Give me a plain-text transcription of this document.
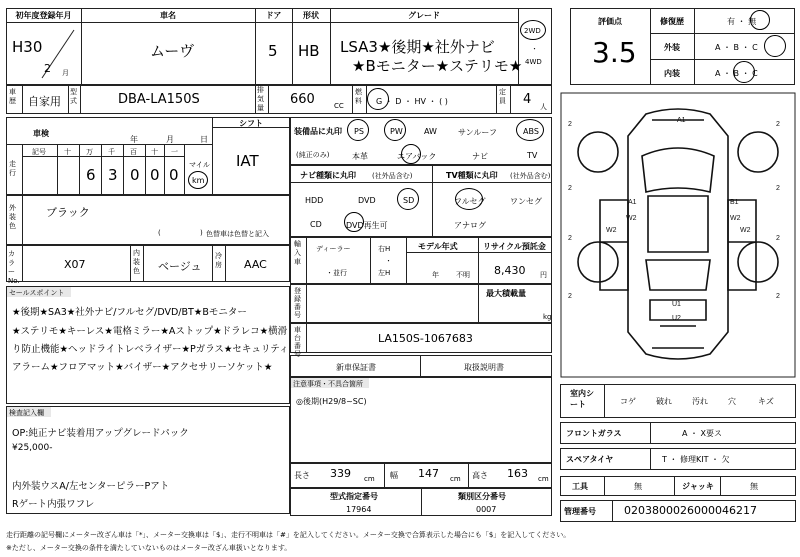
初年度登録年月	車名	ドア	形状	グレード
H30
2 月
ムーヴ	5 HB LSA3★後期★社外ナビ
★Bモニター★ステリモ★
2WD
・
4WD
評価点
3.5
修復歴	有 ・ 無
外装	A ・ B ・ C
内装	A ・ B ・ C
車歴 自家用
型式	DBA-LA150S
排気量
660	CC
燃料	G ・ D ・ HV ・ ( )
定員 4 人
車検
年	月	日
シフト
IAT
走行
記号	十 万 千 百 十 一
6 3 0 0 0
マイル
km
外装色
ブラック
(	) 色替車は色替と記入
カラーNo.
X07
内装色 ベージュ
冷房 AAC
装備品に丸印
(純正のみ)
PS	PW	AW	サンルーフ	ABS
本革	エアバック	ナビ	TV
ナビ種類に丸印 (社外品含む)
HDD	DVD	SD
CD	DVD再生可
TV種類に丸印 (社外品含む)
フルセグ	ワンセグ
アナログ
輸入車
ディーラー
・並行
右H
・
左H
モデル年式
年 不明
リサイクル預託金
8,430 円
登録番号
最大積載量
kg
車台番号
LA150S-1067683
新車保証書	取扱説明書
注意事項・不具合箇所
◎後期(H29/8~SC)
セールスポイント
★後期★SA3★社外ナビ/フルセグ/DVD/BT★Bモニター
★ステリモ★キーレス★電格ミラー★Aストップ★ドラレコ★横滑
り防止機能★ヘッドライトレベライザー★Pガラス★セキュリティ
アラーム★フロアマット★バイザー★アクセサリーソケット★
検査記入欄
OP:純正ナビ装着用アップグレードパック
¥25,000-
内外装ウスA/左センターピラーPアト
Rゲート内張ワフレ
長さ 339 cm 幅 147 cm 高さ 163 cm
型式指定番号
17964
類別区分番号
0007
A1
A1
W2
B1
W2
W2	W2
U1
U2
2	2
2	2
2	2
2	2
室内シート	コゲ	破れ	汚れ	穴	キズ
フロントガラス	A ・ X要ス
スペアタイヤ	T ・ 修理KIT ・ 欠
工具	無	ジャッキ	無
管理番号	0203800026000046217
走行距離の記号欄にメーター改ざん車は「*」、メーター交換車は「$」、走行不明車は「#」を記入してください。メーター交換で合算表示した場合にも「$」を記入してください。
※ただし、メーター交換の条件を満たしていないものはメーター改ざん車扱いとなります。
